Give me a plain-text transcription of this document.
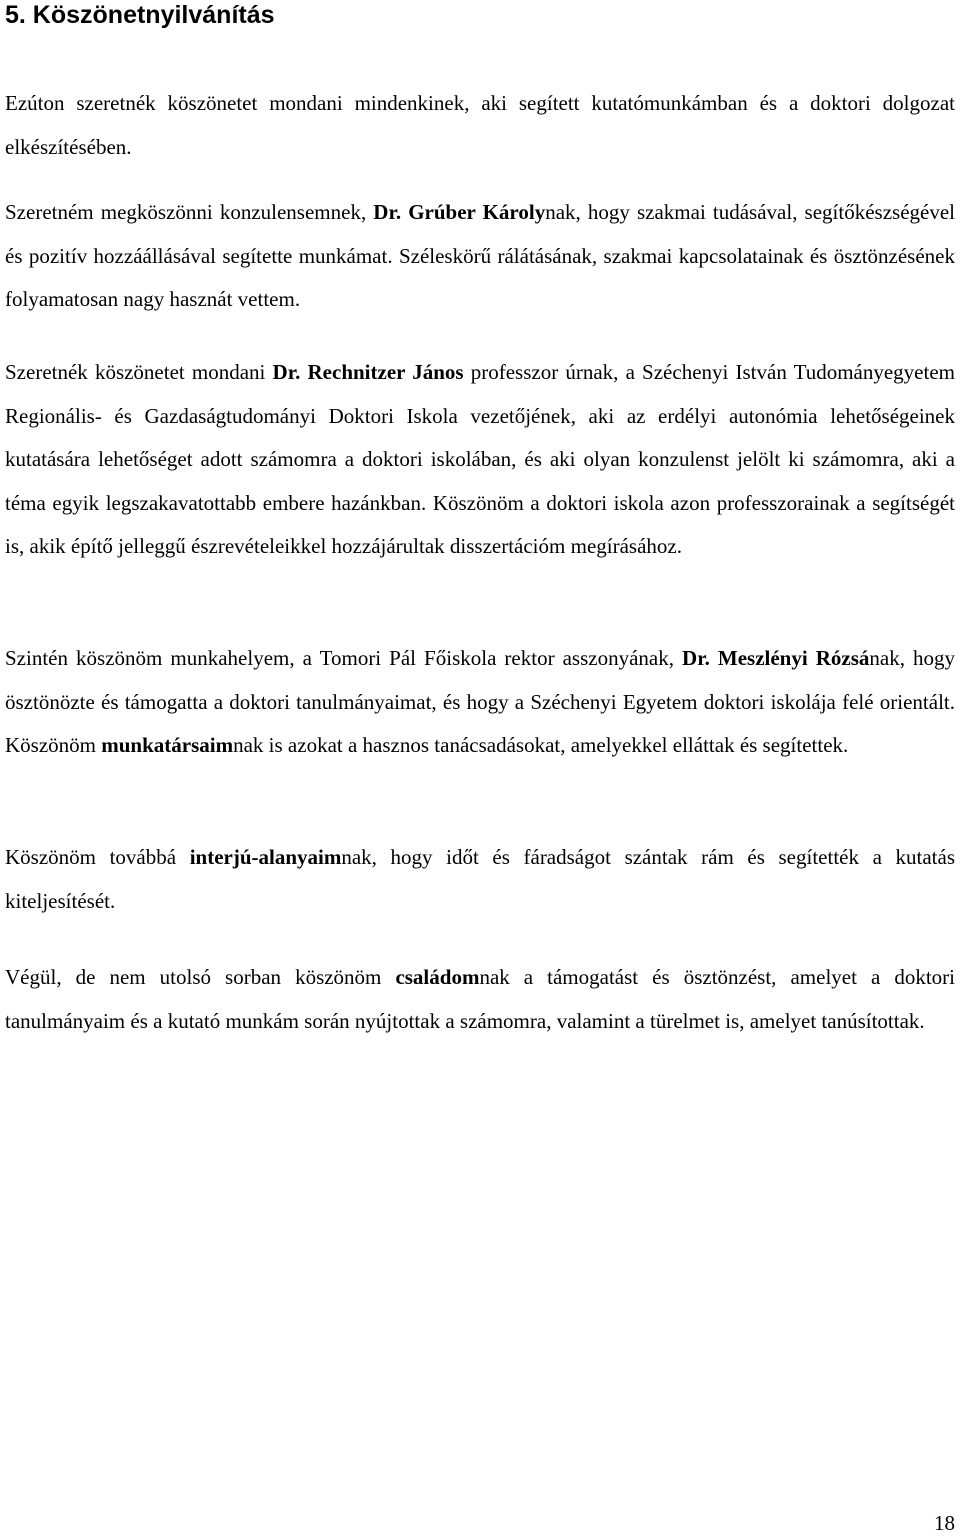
5. Köszönetnyilvánítás

Ezúton szeretnék köszönetet mondani mindenkinek, aki segített kutatómunkámban és a doktori dolgozat elkészítésében.

Szeretném megköszönni konzulensemnek, Dr. Grúber Károlynak, hogy szakmai tudásával, segítőkészségével és pozitív hozzáállásával segítette munkámat. Széleskörű rálátásának, szakmai kapcsolatainak és ösztönzésének folyamatosan nagy hasznát vettem.

Szeretnék köszönetet mondani Dr. Rechnitzer János professzor úrnak, a Széchenyi István Tudományegyetem Regionális- és Gazdaságtudományi Doktori Iskola vezetőjének, aki az erdélyi autonómia lehetőségeinek kutatására lehetőséget adott számomra a doktori iskolában, és aki olyan konzulenst jelölt ki számomra, aki a téma egyik legszakavatottabb embere hazánkban. Köszönöm a doktori iskola azon professzorainak a segítségét is, akik építő jelleggű észrevételeikkel hozzájárultak disszertációm megírásához.

Szintén köszönöm munkahelyem, a Tomori Pál Főiskola rektor asszonyának, Dr. Meszlényi Rózsának, hogy ösztönözte és támogatta a doktori tanulmányaimat, és hogy a Széchenyi Egyetem doktori iskolája felé orientált. Köszönöm munkatársaimnak is azokat a hasznos tanácsadásokat, amelyekkel elláttak és segítettek.

Köszönöm továbbá interjú-alanyaimnak, hogy időt és fáradságot szántak rám és segítették a kutatás kiteljesítését.

Végül, de nem utolsó sorban köszönöm családomnak a támogatást és ösztönzést, amelyet a doktori tanulmányaim és a kutató munkám során nyújtottak a számomra, valamint a türelmet is, amelyet tanúsítottak.

18
